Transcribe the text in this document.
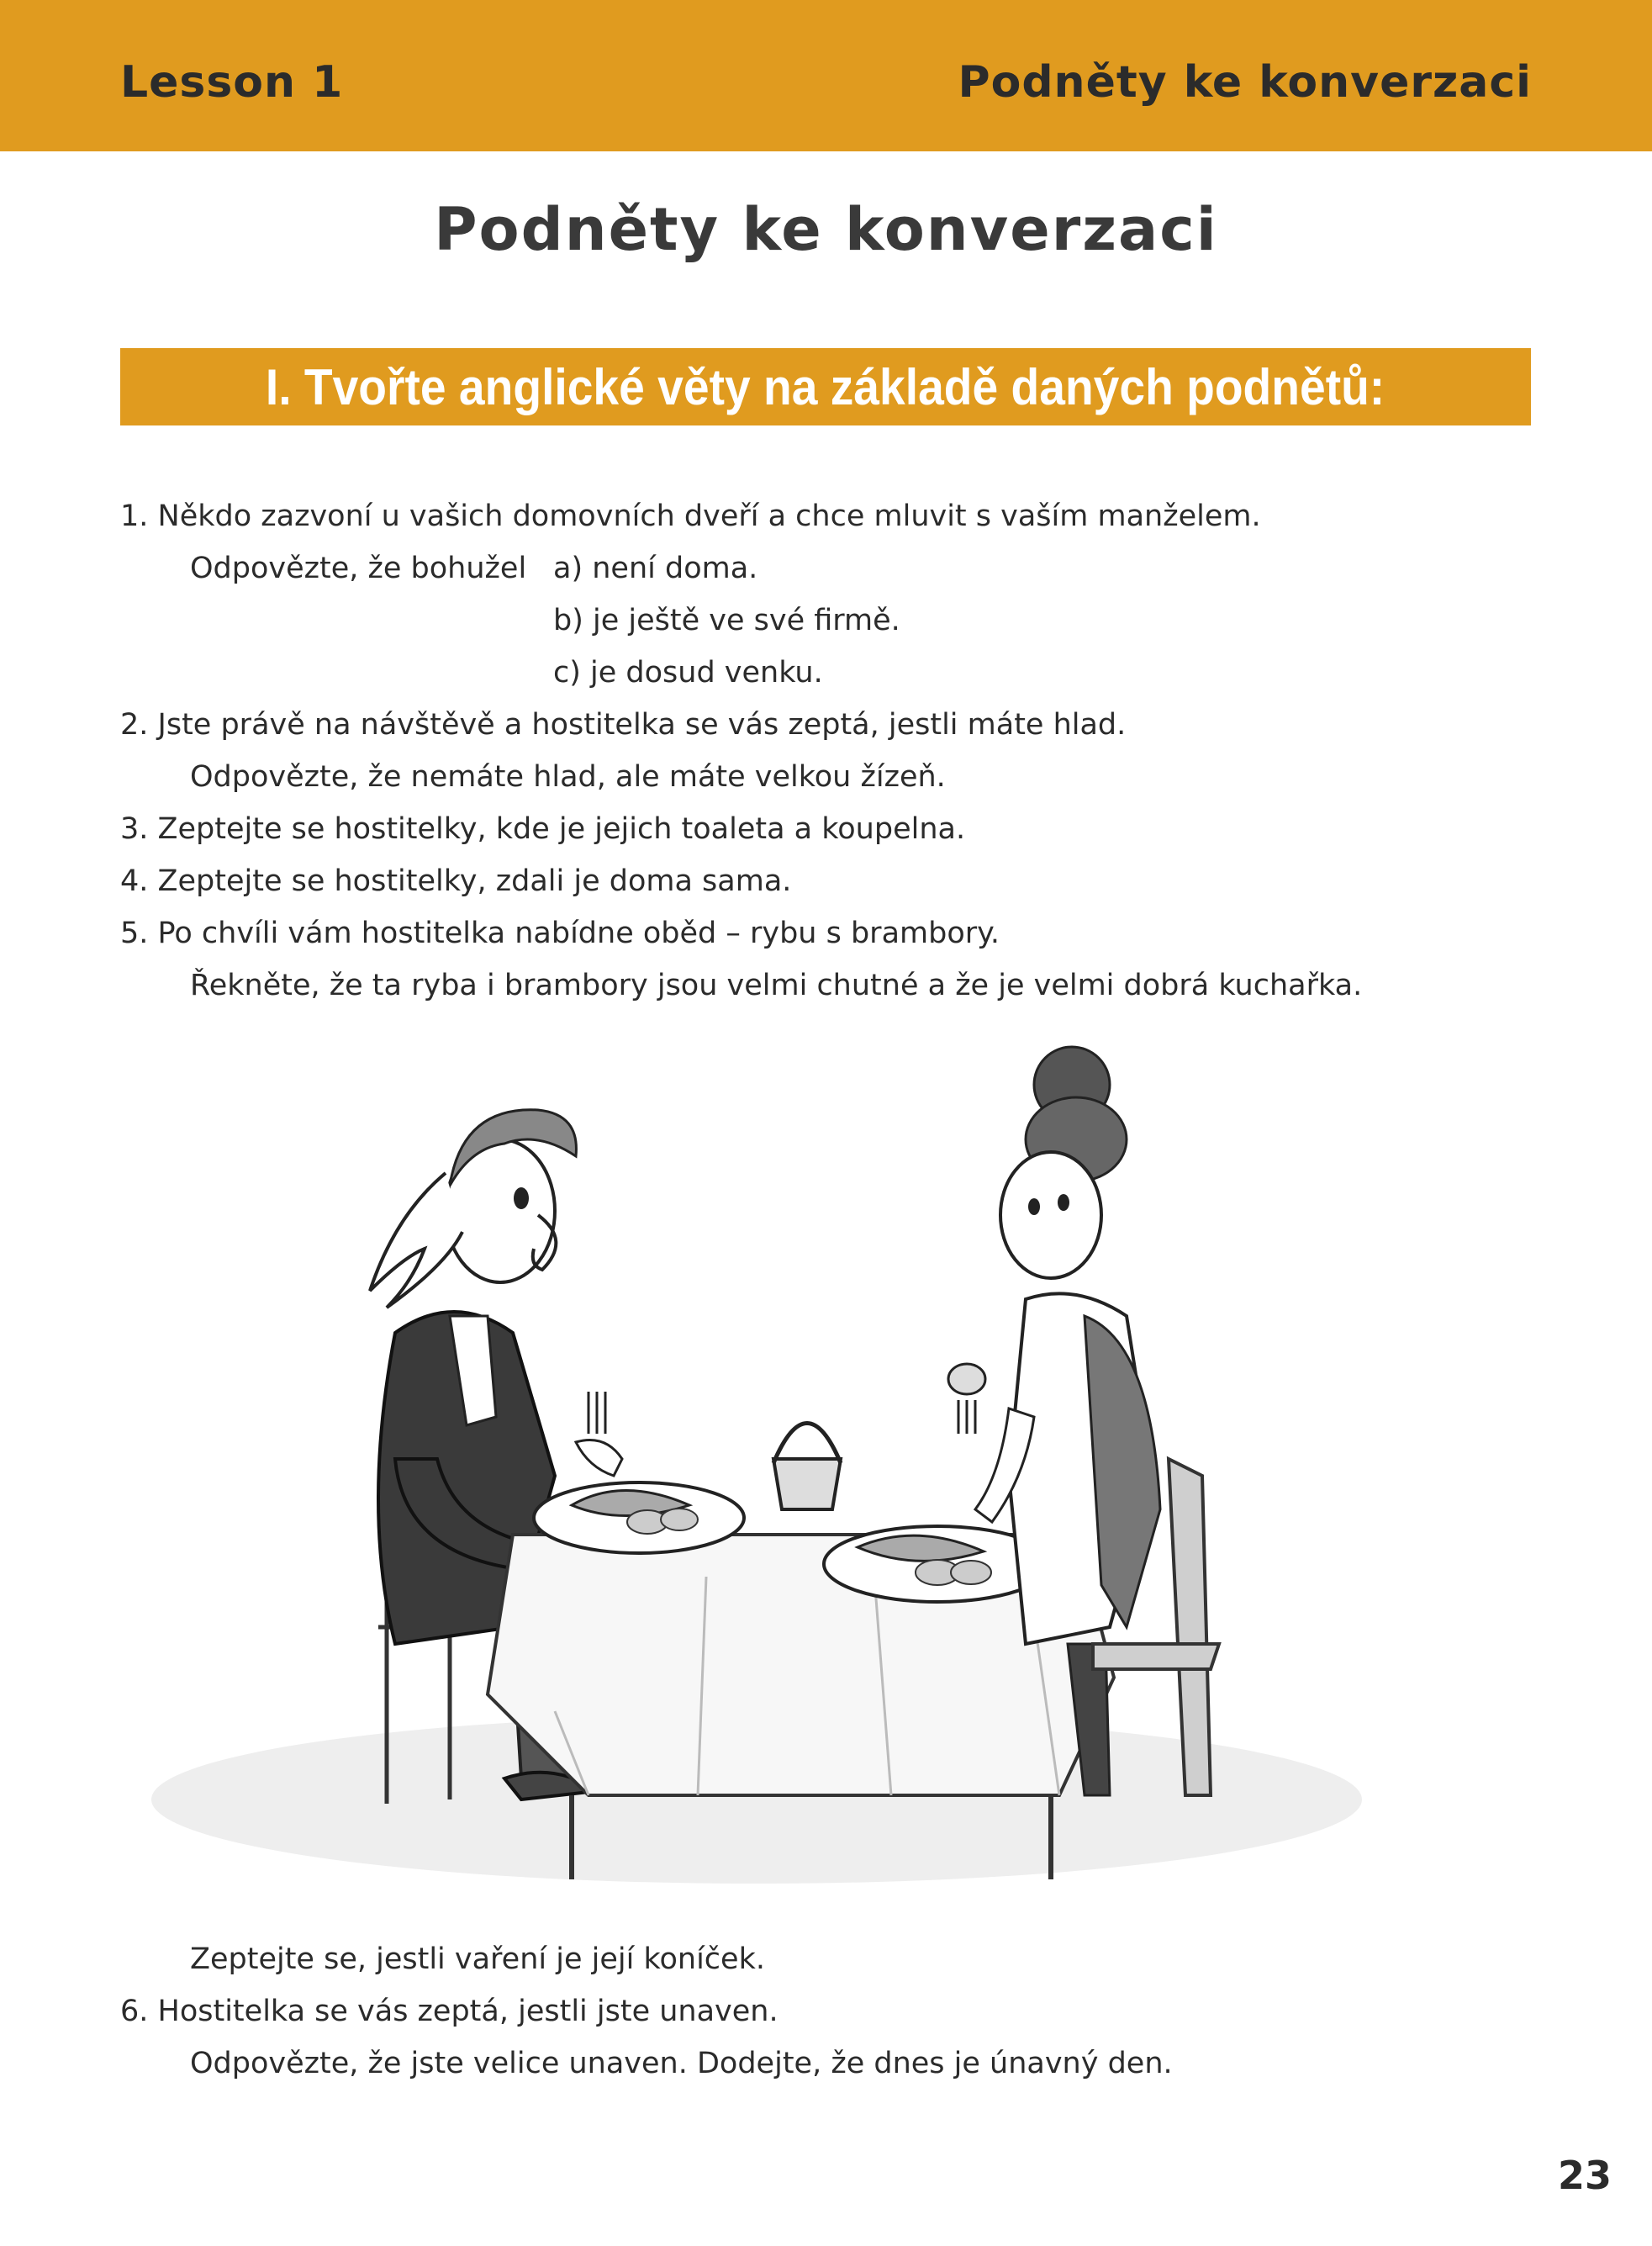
Lesson 1	Podněty ke konverzaci
Podněty ke konverzaci
I. Tvořte anglické věty na základě daných podnětů:
1. Někdo zazvoní u vašich domovních dveří a chce mluvit s vaším manželem.
Odpovězte, že bohužel a) není doma.
b) je ještě ve své firmě.
c) je dosud venku.
2. Jste právě na návštěvě a hostitelka se vás zeptá, jestli máte hlad.
Odpovězte, že nemáte hlad, ale máte velkou žízeň.
3. Zeptejte se hostitelky, kde je jejich toaleta a koupelna.
4. Zeptejte se hostitelky, zdali je doma sama.
5. Po chvíli vám hostitelka nabídne oběd – rybu s brambory.
Řekněte, že ta ryba i brambory jsou velmi chutné a že je velmi dobrá kuchařka.
Zeptejte se, jestli vaření je její koníček.
6. Hostitelka se vás zeptá, jestli jste unaven.
Odpovězte, že jste velice unaven. Dodejte, že dnes je únavný den.
23
